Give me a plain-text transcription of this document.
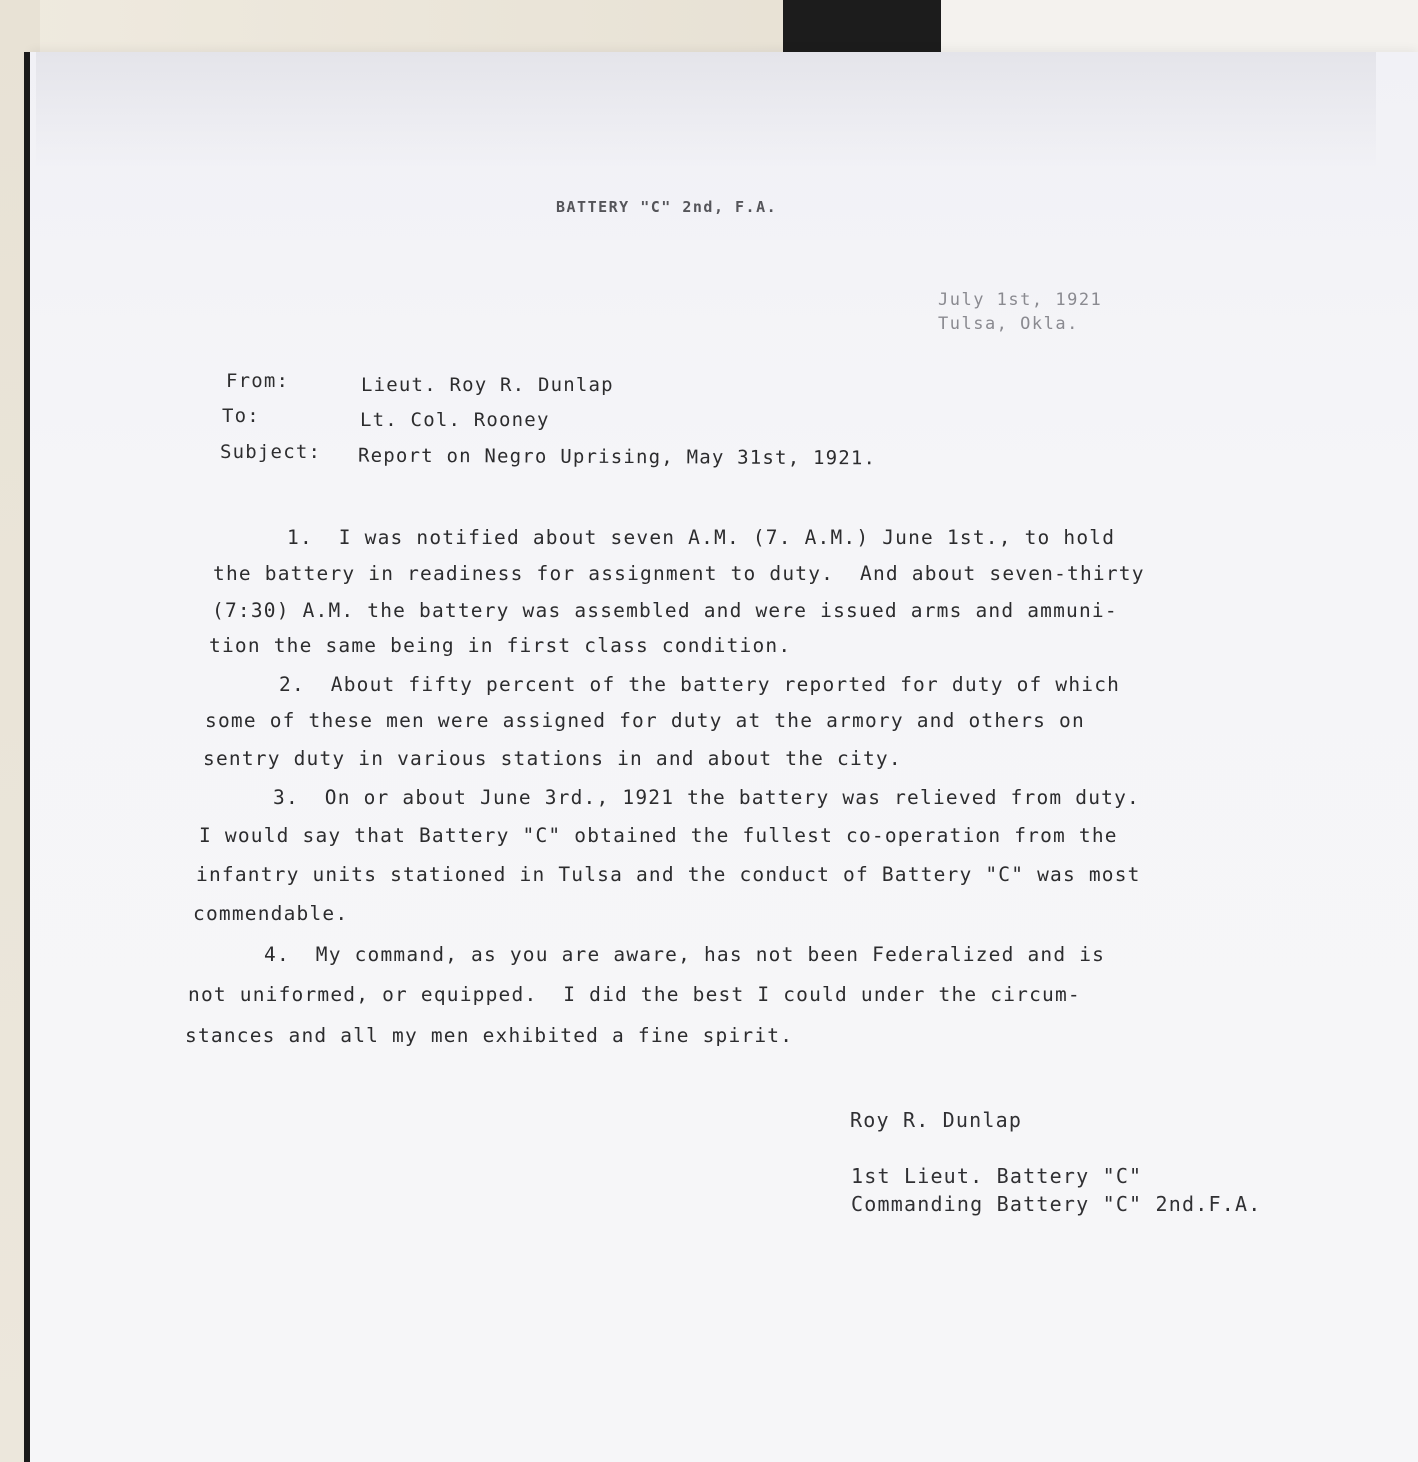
BATTERY "C" 2nd, F.A.
July 1st, 1921
Tulsa, Okla.
From:	Lieut. Roy R. Dunlap
To:	Lt. Col. Rooney
Subject: Report on Negro Uprising, May 31st, 1921.
1.  I was notified about seven A.M. (7. A.M.) June 1st., to hold
the battery in readiness for assignment to duty.  And about seven-thirty
(7:30) A.M. the battery was assembled and were issued arms and ammuni-
tion the same being in first class condition.
2.  About fifty percent of the battery reported for duty of which
some of these men were assigned for duty at the armory and others on
sentry duty in various stations in and about the city.
3.  On or about June 3rd., 1921 the battery was relieved from duty.
I would say that Battery "C" obtained the fullest co-operation from the
infantry units stationed in Tulsa and the conduct of Battery "C" was most
commendable.
4.  My command, as you are aware, has not been Federalized and is
not uniformed, or equipped.  I did the best I could under the circum-
stances and all my men exhibited a fine spirit.
Roy R. Dunlap
1st Lieut. Battery "C"
Commanding Battery "C" 2nd.F.A.
